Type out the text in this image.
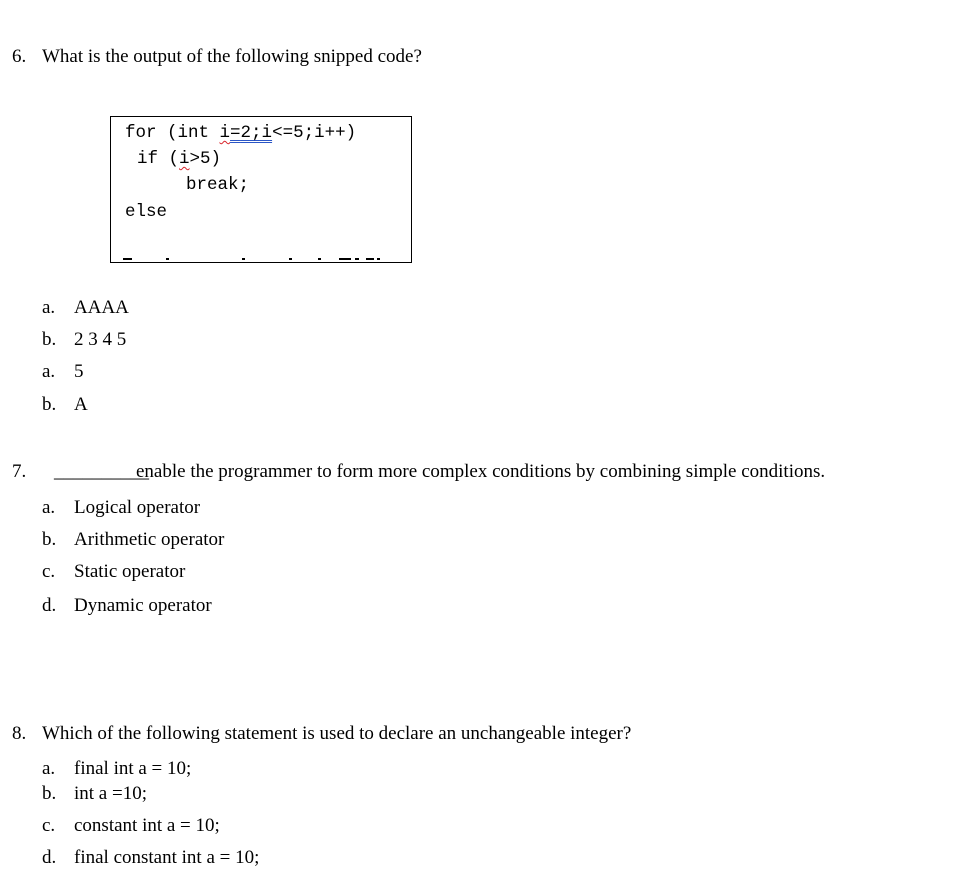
6. What is the output of the following snipped code?
for (int i=2;i<=5;i++)
if (i>5)
break;
else
a. AAAA
b. 2 3 4 5
a. 5
b. A
7. __________
enable the programmer to form more complex conditions by combining simple conditions.
a. Logical operator
b. Arithmetic operator
c. Static operator
d. Dynamic operator
8. Which of the following statement is used to declare an unchangeable integer?
a. final int a = 10;
b. int a =10;
c. constant int a = 10;
d. final constant int a = 10;
